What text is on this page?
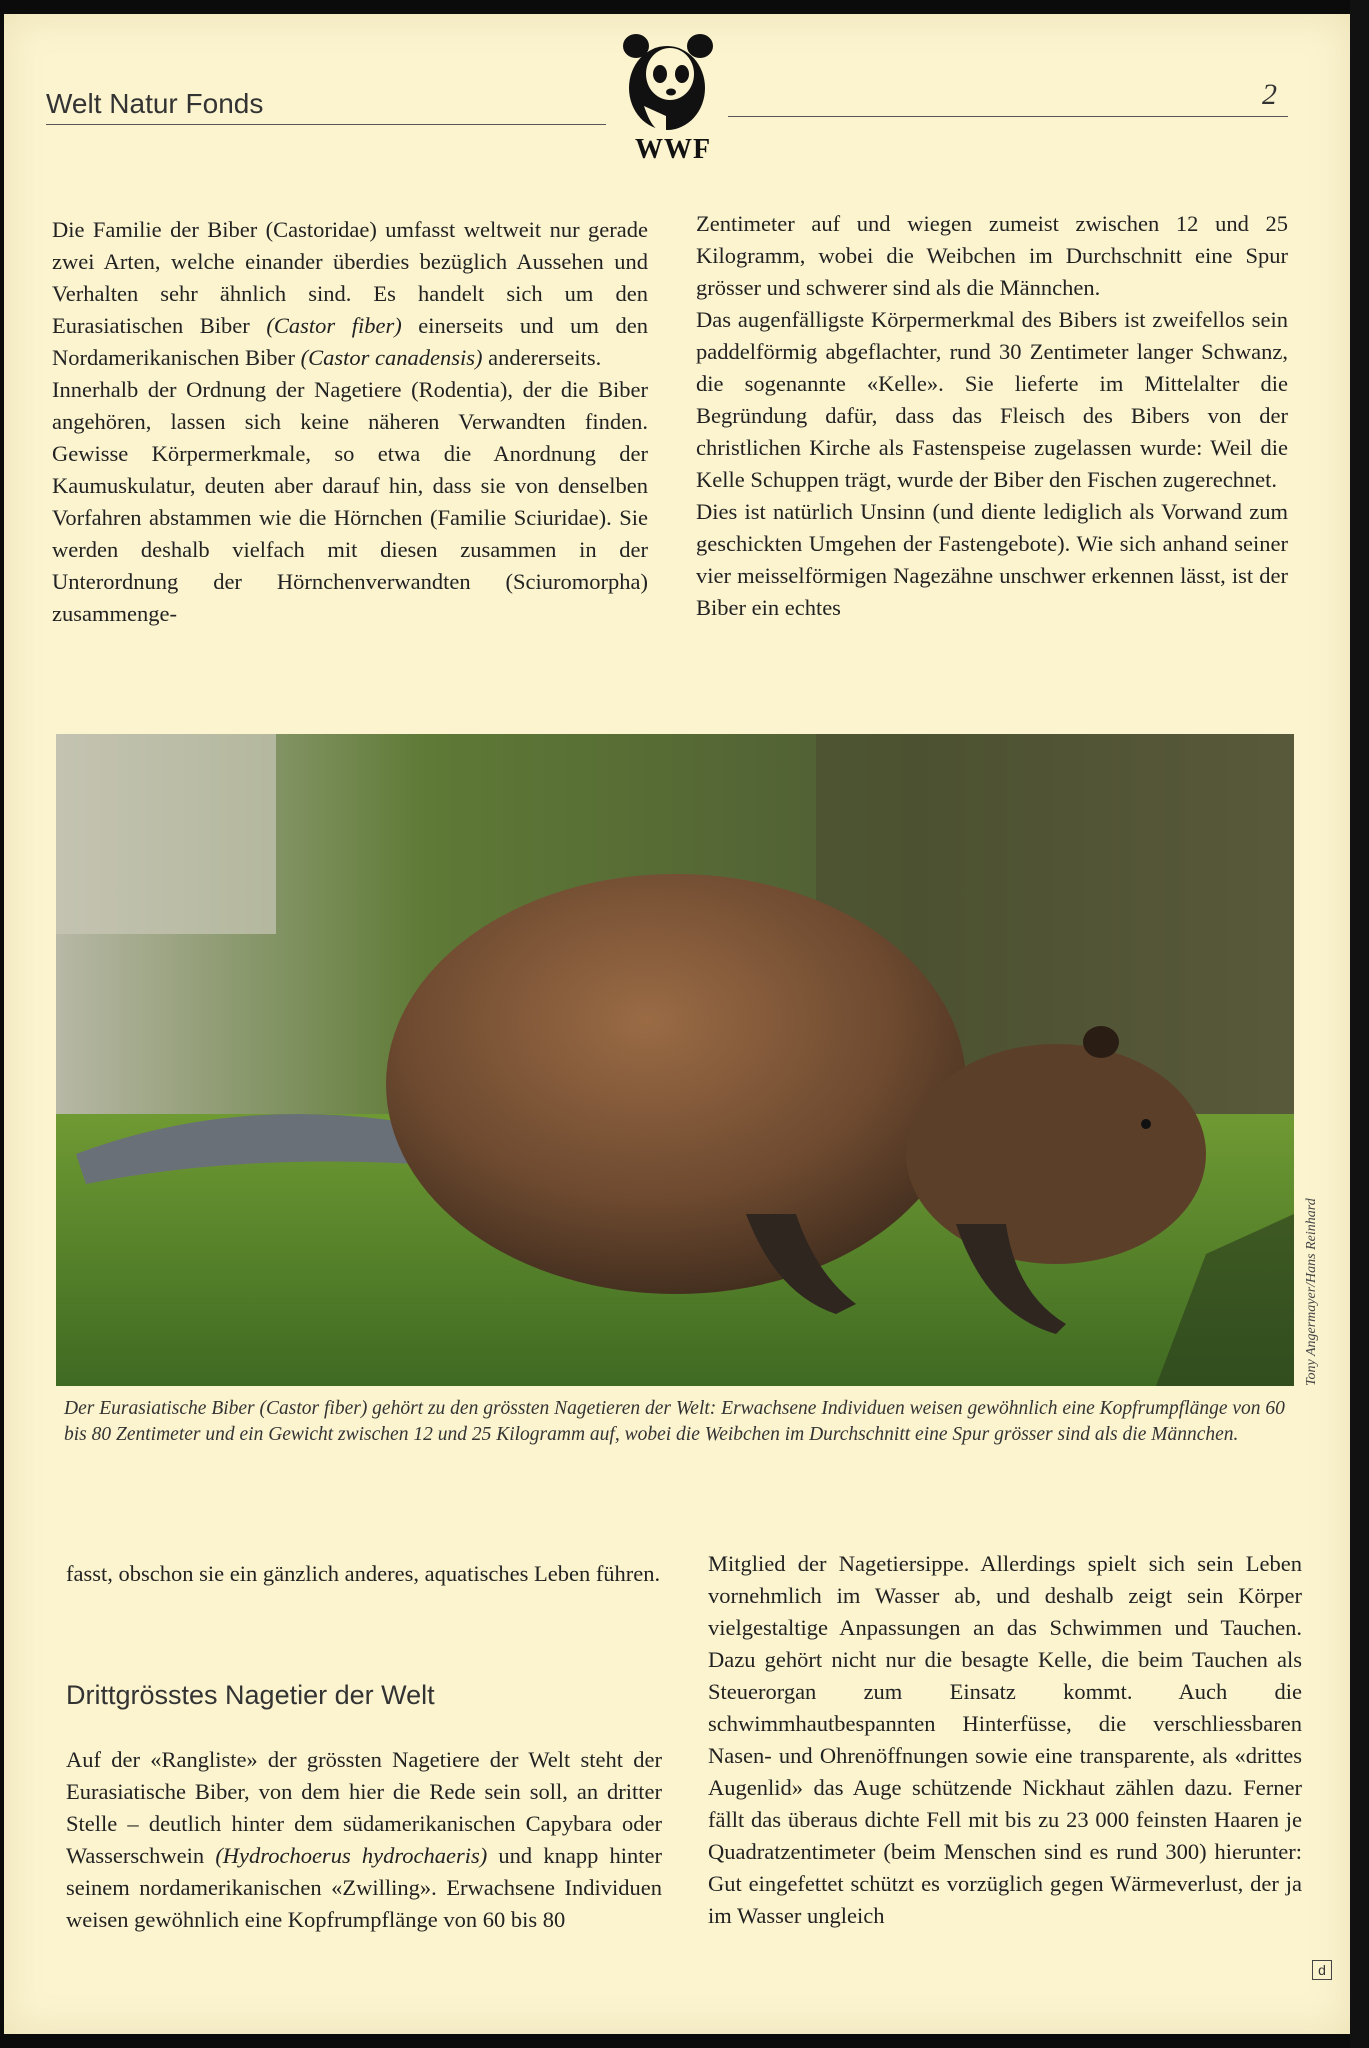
Welt Natur Fonds	2
WWF

Die Familie der Biber (Castoridae) umfasst weltweit nur gerade zwei Arten, welche einander überdies bezüglich Aussehen und Verhalten sehr ähnlich sind. Es handelt sich um den Eurasiatischen Biber (Castor fiber) einerseits und um den Nordamerikanischen Biber (Castor canadensis) andererseits.

Innerhalb der Ordnung der Nagetiere (Rodentia), der die Biber angehören, lassen sich keine näheren Verwandten finden. Gewisse Körpermerkmale, so etwa die Anordnung der Kaumuskulatur, deuten aber darauf hin, dass sie von denselben Vorfahren abstammen wie die Hörnchen (Familie Sciuridae). Sie werden deshalb vielfach mit diesen zusammen in der Unterordnung der Hörnchenverwandten (Sciuromorpha) zusammenge-

Zentimeter auf und wiegen zumeist zwischen 12 und 25 Kilogramm, wobei die Weibchen im Durchschnitt eine Spur grösser und schwerer sind als die Männchen.

Das augenfälligste Körpermerkmal des Bibers ist zweifellos sein paddelförmig abgeflachter, rund 30 Zentimeter langer Schwanz, die sogenannte «Kelle». Sie lieferte im Mittelalter die Begründung dafür, dass das Fleisch des Bibers von der christlichen Kirche als Fastenspeise zugelassen wurde: Weil die Kelle Schuppen trägt, wurde der Biber den Fischen zugerechnet.

Dies ist natürlich Unsinn (und diente lediglich als Vorwand zum geschickten Umgehen der Fastengebote). Wie sich anhand seiner vier meisselförmigen Nagezähne unschwer erkennen lässt, ist der Biber ein echtes

Tony Angermayer/Hans Reinhard
Der Eurasiatische Biber (Castor fiber) gehört zu den grössten Nagetieren der Welt: Erwachsene Individuen weisen gewöhnlich eine Kopfrumpflänge von 60 bis 80 Zentimeter und ein Gewicht zwischen 12 und 25 Kilogramm auf, wobei die Weibchen im Durchschnitt eine Spur grösser sind als die Männchen.

fasst, obschon sie ein gänzlich anderes, aquatisches Leben führen.

Drittgrösstes Nagetier der Welt

Auf der «Rangliste» der grössten Nagetiere der Welt steht der Eurasiatische Biber, von dem hier die Rede sein soll, an dritter Stelle – deutlich hinter dem südamerikanischen Capybara oder Wasserschwein (Hydrochoerus hydrochaeris) und knapp hinter seinem nordamerikanischen «Zwilling». Erwachsene Individuen weisen gewöhnlich eine Kopfrumpflänge von 60 bis 80

Mitglied der Nagetiersippe. Allerdings spielt sich sein Leben vornehmlich im Wasser ab, und deshalb zeigt sein Körper vielgestaltige Anpassungen an das Schwimmen und Tauchen. Dazu gehört nicht nur die besagte Kelle, die beim Tauchen als Steuerorgan zum Einsatz kommt. Auch die schwimmhautbespannten Hinterfüsse, die verschliessbaren Nasen- und Ohrenöffnungen sowie eine transparente, als «drittes Augenlid» das Auge schützende Nickhaut zählen dazu. Ferner fällt das überaus dichte Fell mit bis zu 23 000 feinsten Haaren je Quadratzentimeter (beim Menschen sind es rund 300) hierunter: Gut eingefettet schützt es vorzüglich gegen Wärmeverlust, der ja im Wasser ungleich

d
